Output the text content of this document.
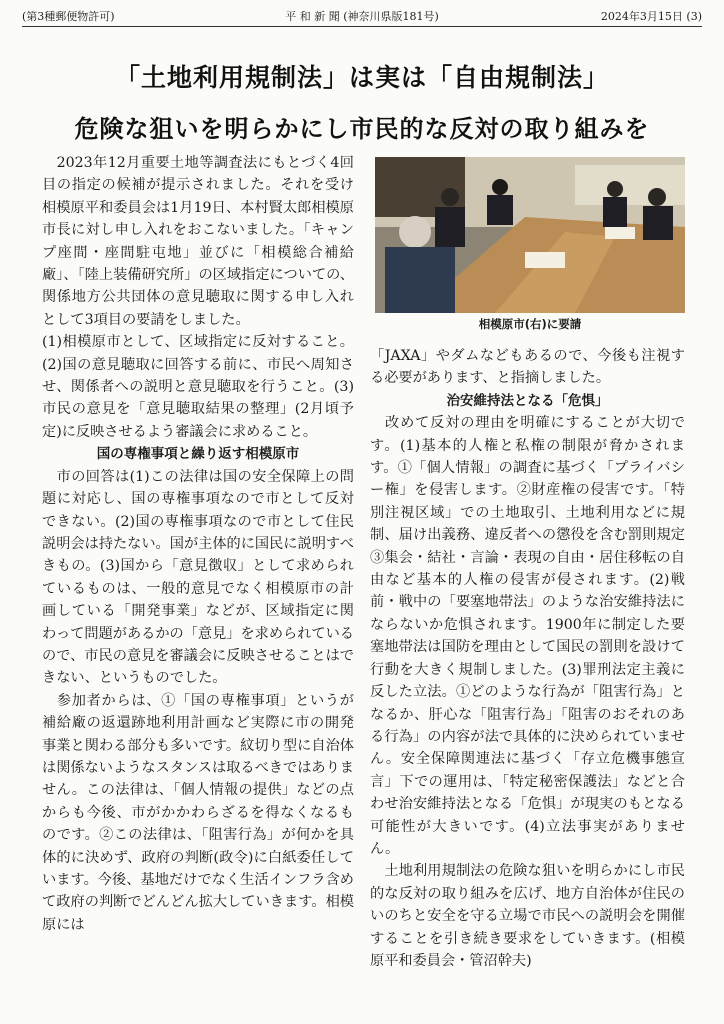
(第3種郵便物許可)	平 和 新 聞 (神奈川県版181号)	2024年3月15日 (3)
「土地利用規制法」は実は「自由規制法」
危険な狙いを明らかにし市民的な反対の取り組みを

　2023年12月重要土地等調査法にもとづく4回目の指定の候補が提示されました。それを受け相模原平和委員会は1月19日、本村賢太郎相模原市長に対し申し入れをおこないました。「キャンプ座間・座間駐屯地」並びに「相模総合補給廠」、「陸上装備研究所」の区域指定についての、関係地方公共団体の意見聴取に関する申し入れとして3項目の要請をしました。

(1)相模原市として、区域指定に反対すること。(2)国の意見聴取に回答する前に、市民へ周知させ、関係者への説明と意見聴取を行うこと。(3)市民の意見を「意見聴取結果の整理」(2月頃予定)に反映させるよう審議会に求めること。

国の専権事項と繰り返す相模原市

　市の回答は(1)この法律は国の安全保障上の問題に対応し、国の専権事項なので市として反対できない。(2)国の専権事項なので市として住民説明会は持たない。国が主体的に国民に説明すべきもの。(3)国から「意見徴収」として求められているものは、一般的意見でなく相模原市の計画している「開発事業」などが、区域指定に関わって問題があるかの「意見」を求められているので、市民の意見を審議会に反映させることはできない、というものでした。

　参加者からは、①「国の専権事項」というが補給廠の返還跡地利用計画など実際に市の開発事業と関わる部分も多いです。紋切り型に自治体は関係ないようなスタンスは取るべきではありません。この法律は、「個人情報の提供」などの点からも今後、市がかかわらざるを得なくなるものです。②この法律は、「阻害行為」が何かを具体的に決めず、政府の判断(政令)に白紙委任しています。今後、基地だけでなく生活インフラ含めて政府の判断でどんどん拡大していきます。相模原には

相模原市(右)に要請

「JAXA」やダムなどもあるので、今後も注視する必要があります、と指摘しました。

治安維持法となる「危惧」

　改めて反対の理由を明確にすることが大切です。(1)基本的人権と私権の制限が脅かされます。①「個人情報」の調査に基づく「プライバシー権」を侵害します。②財産権の侵害です。「特別注視区域」での土地取引、土地利用などに規制、届け出義務、違反者への懲役を含む罰則規定③集会・結社・言論・表現の自由・居住移転の自由など基本的人権の侵害が侵されます。(2)戦前・戦中の「要塞地帯法」のような治安維持法にならないか危惧されます。1900年に制定した要塞地帯法は国防を理由として国民の罰則を設けて行動を大きく規制しました。(3)罪刑法定主義に反した立法。①どのような行為が「阻害行為」となるか、肝心な「阻害行為」「阻害のおそれのある行為」の内容が法で具体的に決められていません。安全保障関連法に基づく「存立危機事態宣言」下での運用は、「特定秘密保護法」などと合わせ治安維持法となる「危惧」が現実のもとなる可能性が大きいです。(4)立法事実がありません。

　土地利用規制法の危険な狙いを明らかにし市民的な反対の取り組みを広げ、地方自治体が住民のいのちと安全を守る立場で市民への説明会を開催することを引き続き要求をしていきます。(相模原平和委員会・管沼幹夫)
